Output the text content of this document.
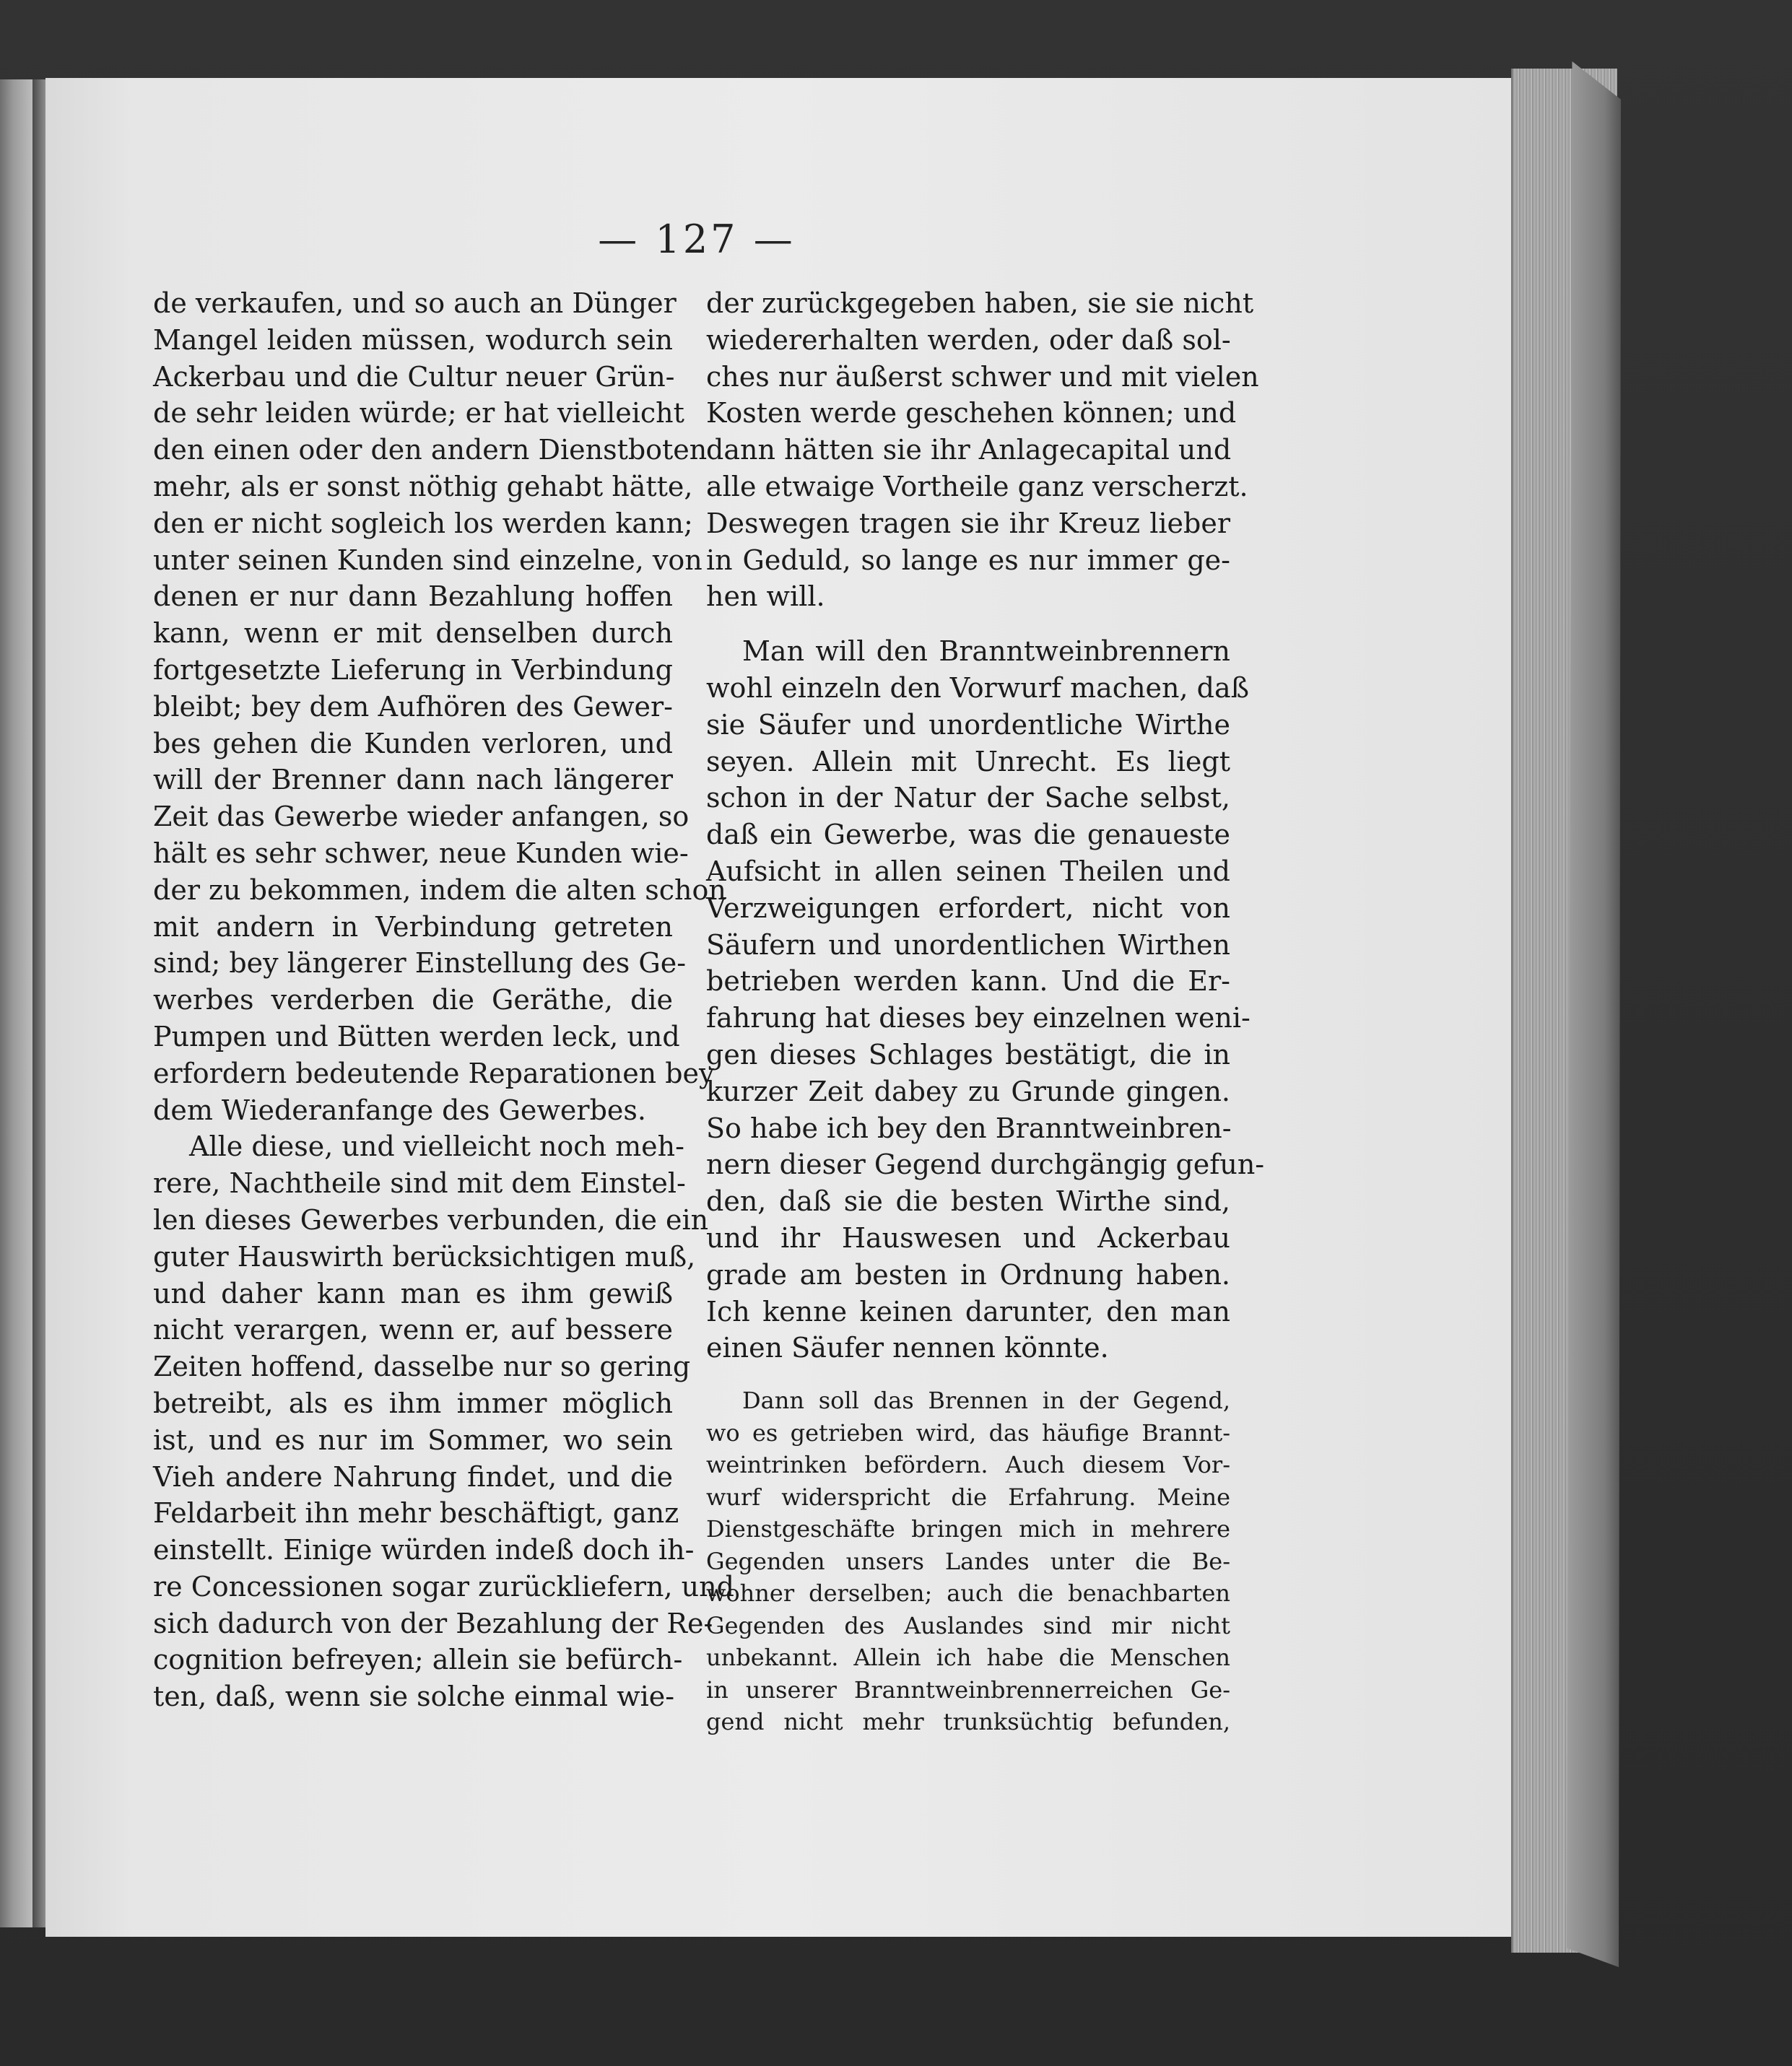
— 127 —
de verkaufen, und so auch an Dünger
Mangel leiden müssen, wodurch sein
Ackerbau und die Cultur neuer Grün-
de sehr leiden würde; er hat vielleicht
den einen oder den andern Dienstboten
mehr, als er sonst nöthig gehabt hätte,
den er nicht sogleich los werden kann;
unter seinen Kunden sind einzelne, von
denen er nur dann Bezahlung hoffen
kann, wenn er mit denselben durch
fortgesetzte Lieferung in Verbindung
bleibt; bey dem Aufhören des Gewer-
bes gehen die Kunden verloren, und
will der Brenner dann nach längerer
Zeit das Gewerbe wieder anfangen, so
hält es sehr schwer, neue Kunden wie-
der zu bekommen, indem die alten schon
mit andern in Verbindung getreten
sind; bey längerer Einstellung des Ge-
werbes verderben die Geräthe, die
Pumpen und Bütten werden leck, und
erfordern bedeutende Reparationen bey
dem Wiederanfange des Gewerbes.
Alle diese, und vielleicht noch meh-
rere, Nachtheile sind mit dem Einstel-
len dieses Gewerbes verbunden, die ein
guter Hauswirth berücksichtigen muß,
und daher kann man es ihm gewiß
nicht verargen, wenn er, auf bessere
Zeiten hoffend, dasselbe nur so gering
betreibt, als es ihm immer möglich
ist, und es nur im Sommer, wo sein
Vieh andere Nahrung findet, und die
Feldarbeit ihn mehr beschäftigt, ganz
einstellt. Einige würden indeß doch ih-
re Concessionen sogar zurückliefern, und
sich dadurch von der Bezahlung der Re-
cognition befreyen; allein sie befürch-
ten, daß, wenn sie solche einmal wie-
der zurückgegeben haben, sie sie nicht
wiedererhalten werden, oder daß sol-
ches nur äußerst schwer und mit vielen
Kosten werde geschehen können; und
dann hätten sie ihr Anlagecapital und
alle etwaige Vortheile ganz verscherzt.
Deswegen tragen sie ihr Kreuz lieber
in Geduld, so lange es nur immer ge-
hen will.
Man will den Branntweinbrennern
wohl einzeln den Vorwurf machen, daß
sie Säufer und unordentliche Wirthe
seyen. Allein mit Unrecht. Es liegt
schon in der Natur der Sache selbst,
daß ein Gewerbe, was die genaueste
Aufsicht in allen seinen Theilen und
Verzweigungen erfordert, nicht von
Säufern und unordentlichen Wirthen
betrieben werden kann. Und die Er-
fahrung hat dieses bey einzelnen weni-
gen dieses Schlages bestätigt, die in
kurzer Zeit dabey zu Grunde gingen.
So habe ich bey den Branntweinbren-
nern dieser Gegend durchgängig gefun-
den, daß sie die besten Wirthe sind,
und ihr Hauswesen und Ackerbau
grade am besten in Ordnung haben.
Ich kenne keinen darunter, den man
einen Säufer nennen könnte.
Dann soll das Brennen in der Gegend,
wo es getrieben wird, das häufige Brannt-
weintrinken befördern. Auch diesem Vor-
wurf widerspricht die Erfahrung. Meine
Dienstgeschäfte bringen mich in mehrere
Gegenden unsers Landes unter die Be-
wohner derselben; auch die benachbarten
Gegenden des Auslandes sind mir nicht
unbekannt. Allein ich habe die Menschen
in unserer Branntweinbrennerreichen Ge-
gend nicht mehr trunksüchtig befunden,
